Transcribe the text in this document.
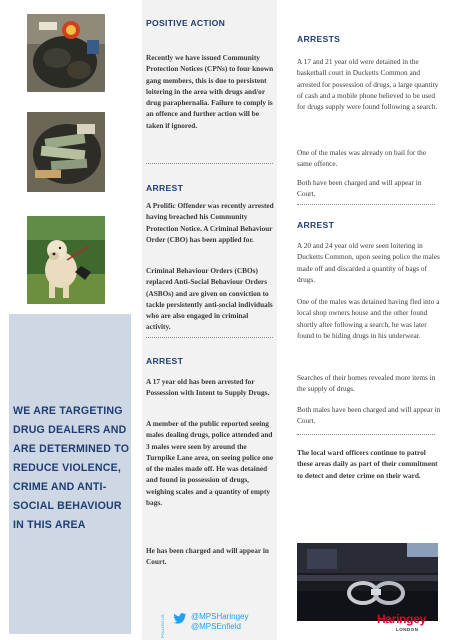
WE ARE TARGETING DRUG DEALERS AND ARE DETERMINED TO REDUCE VIOLENCE, CRIME AND ANTI-SOCIAL BEHAVIOUR IN THIS AREA
POSITIVE ACTION
Recently we have issued Community Protection Notices (CPNs) to four known gang members, this is due to persistent loitering in the area with drugs and/or drug paraphernalia. Failure to comply is an offence and further action will be taken if ignored.
ARREST
A Prolific Offender was recently arrested having breached his Community Protection Notice. A Criminal Behaviour Order (CBO) has been applied for.
Criminal Behaviour Orders (CBOs) replaced Anti-Social Behaviour Orders (ASBOs) and are given on conviction to tackle persistently anti-social individuals who are also engaged in criminal activity.
ARREST
A 17 year old has been arrested for Possession with Intent to Supply Drugs.
A member of the public reported seeing males dealing drugs, police attended and 3 males were seen by around the Turnpike Lane area, on seeing police one of the males made off. He was detained and found in possession of drugs, weighing scales and a quantity of empty bags.
He has been charged and will appear in Court.
ARRESTS
A 17 and 21 year old were detained in the basketball court in Ducketts Common and arrested for possession of drugs, a large quantity of cash and a mobile phone believed to be used for drugs supply were found following a search.
One of the males was already on bail for the same offence.
Both have been charged and will appear in Court.
ARREST
A 20 and 24 year old were seen loitering in Ducketts Common, upon seeing police the males made off and discarded a quantity of bags of drugs.
One of the males was detained having fled into a local shop owners house and the other found shortly after following a search, he was later found to be hiding drugs in his underwear.
Searches of their homes revealed more items in the supply of drugs.
Both males have been charged and will appear in Court.
The local ward officers continue to patrol these areas daily as part of their commitment to detect and deter crime on their ward.
FOLLOW US	@MPSHaringey
@MPSEnfield
Haringey
LONDON
